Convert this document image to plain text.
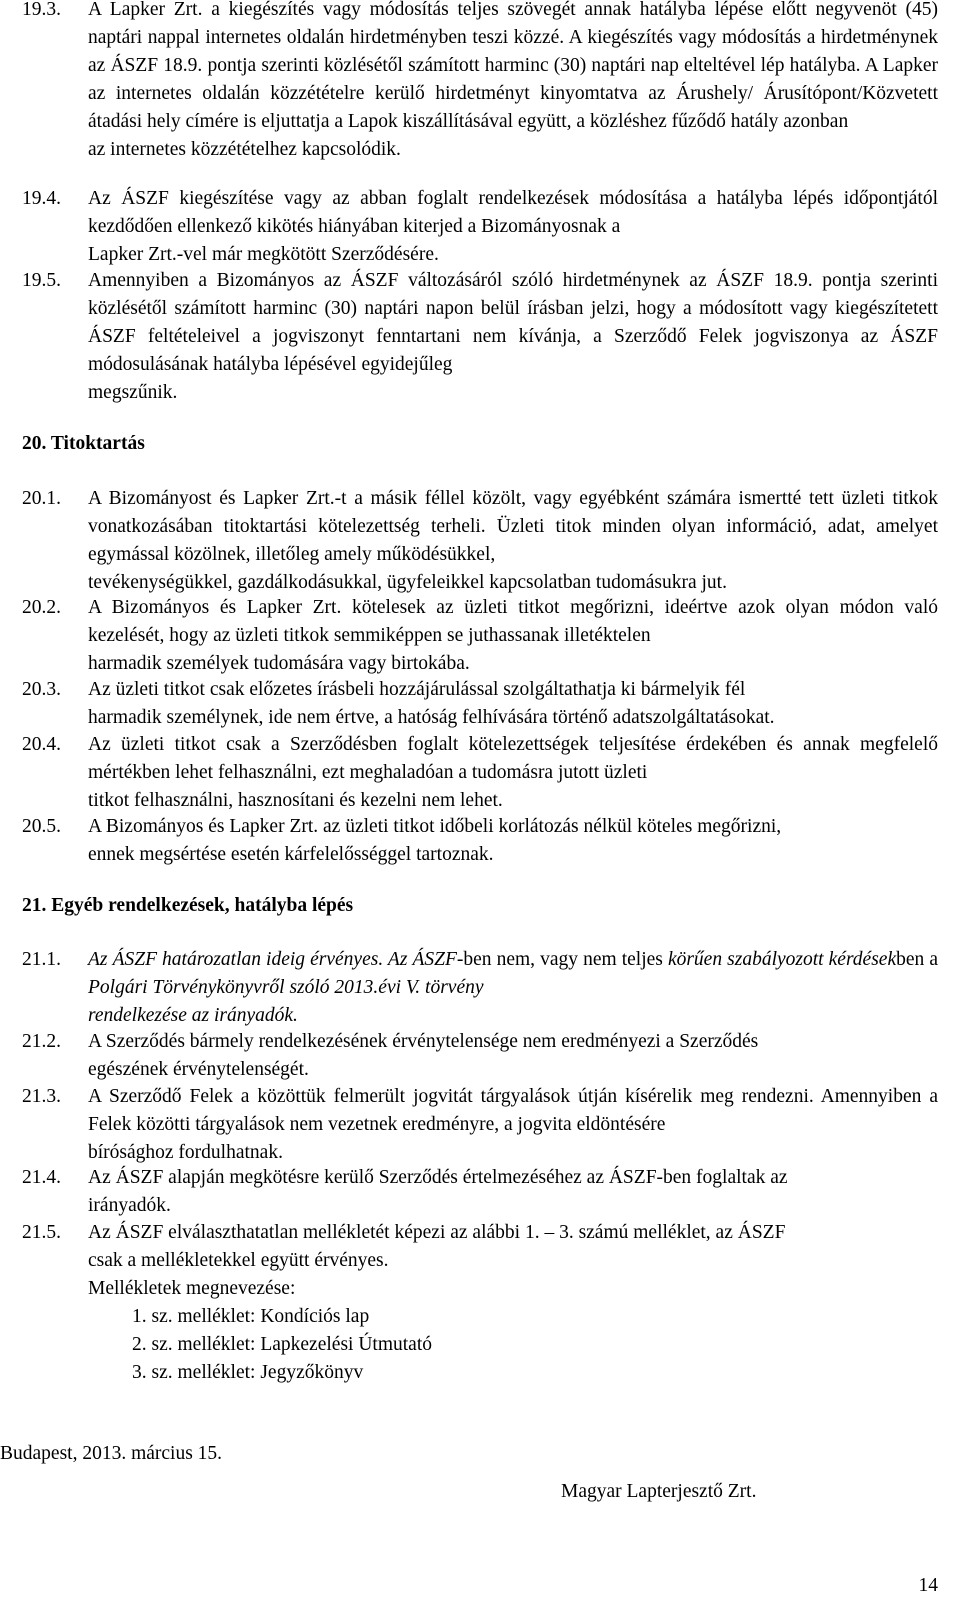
19.3.	A Lapker Zrt. a kiegészítés vagy módosítás teljes szövegét annak hatályba lépése előtt negyvenöt (45) naptári nappal internetes oldalán hirdetményben teszi közzé. A kiegészítés vagy módosítás a hirdetménynek az ÁSZF 18.9. pontja szerinti közlésétől számított harminc (30) naptári nap elteltével lép hatályba. A Lapker az internetes oldalán közzétételre kerülő hirdetményt kinyomtatva az Árushely/ Árusítópont/Közvetett átadási hely címére is eljuttatja a Lapok kiszállításával együtt, a közléshez fűződő hatály azonban
az internetes közzétételhez kapcsolódik.
19.4.	Az ÁSZF kiegészítése vagy az abban foglalt rendelkezések módosítása a hatályba lépés időpontjától kezdődően ellenkező kikötés hiányában kiterjed a Bizományosnak a
Lapker Zrt.-vel már megkötött Szerződésére.
19.5.	Amennyiben a Bizományos az ÁSZF változásáról szóló hirdetménynek az ÁSZF 18.9. pontja szerinti közlésétől számított harminc (30) naptári napon belül írásban jelzi, hogy a módosított vagy kiegészítetett ÁSZF feltételeivel a jogviszonyt fenntartani nem kívánja, a Szerződő Felek jogviszonya az ÁSZF módosulásának hatályba lépésével egyidejűleg
megszűnik.
20. Titoktartás
20.1.	A Bizományost és Lapker Zrt.-t a másik féllel közölt, vagy egyébként számára ismertté tett üzleti titkok vonatkozásában titoktartási kötelezettség terheli. Üzleti titok minden olyan információ, adat, amelyet egymással közölnek, illetőleg amely működésükkel,
tevékenységükkel, gazdálkodásukkal, ügyfeleikkel kapcsolatban tudomásukra jut.
20.2.	A Bizományos és Lapker Zrt. kötelesek az üzleti titkot megőrizni, ideértve azok olyan módon való kezelését, hogy az üzleti titkok semmiképpen se juthassanak illetéktelen
harmadik személyek tudomására vagy birtokába.
20.3.	Az üzleti titkot csak előzetes írásbeli hozzájárulással szolgáltathatja ki bármelyik fél
harmadik személynek, ide nem értve, a hatóság felhívására történő adatszolgáltatásokat.
20.4.	Az üzleti titkot csak a Szerződésben foglalt kötelezettségek teljesítése érdekében és annak megfelelő mértékben lehet felhasználni, ezt meghaladóan a tudomásra jutott üzleti
titkot felhasználni, hasznosítani és kezelni nem lehet.
20.5.	A Bizományos és Lapker Zrt. az üzleti titkot időbeli korlátozás nélkül köteles megőrizni,
ennek megsértése esetén kárfelelősséggel tartoznak.
21. Egyéb rendelkezések, hatályba lépés
21.1.	Az ÁSZF határozatlan ideig érvényes. Az ÁSZF-ben nem, vagy nem teljes körűen szabályozott kérdésekben a Polgári Törvénykönyvről szóló 2013.évi V. törvény
rendelkezése az irányadók.
21.2.	A Szerződés bármely rendelkezésének érvénytelensége nem eredményezi a Szerződés
egészének érvénytelenségét.
21.3.	A Szerződő Felek a közöttük felmerült jogvitát tárgyalások útján kísérelik meg rendezni. Amennyiben a Felek közötti tárgyalások nem vezetnek eredményre, a jogvita eldöntésére
bírósághoz fordulhatnak.
21.4.	Az ÁSZF alapján megkötésre kerülő Szerződés értelmezéséhez az ÁSZF-ben foglaltak az
irányadók.
21.5.	Az ÁSZF elválaszthatatlan mellékletét képezi az alábbi 1. – 3. számú melléklet, az ÁSZF
csak a mellékletekkel együtt érvényes.
Mellékletek megnevezése:
1. sz. melléklet: Kondíciós lap
2. sz. melléklet: Lapkezelési Útmutató
3. sz. melléklet: Jegyzőkönyv
Budapest, 2013. március 15.
Magyar Lapterjesztő Zrt.
14
